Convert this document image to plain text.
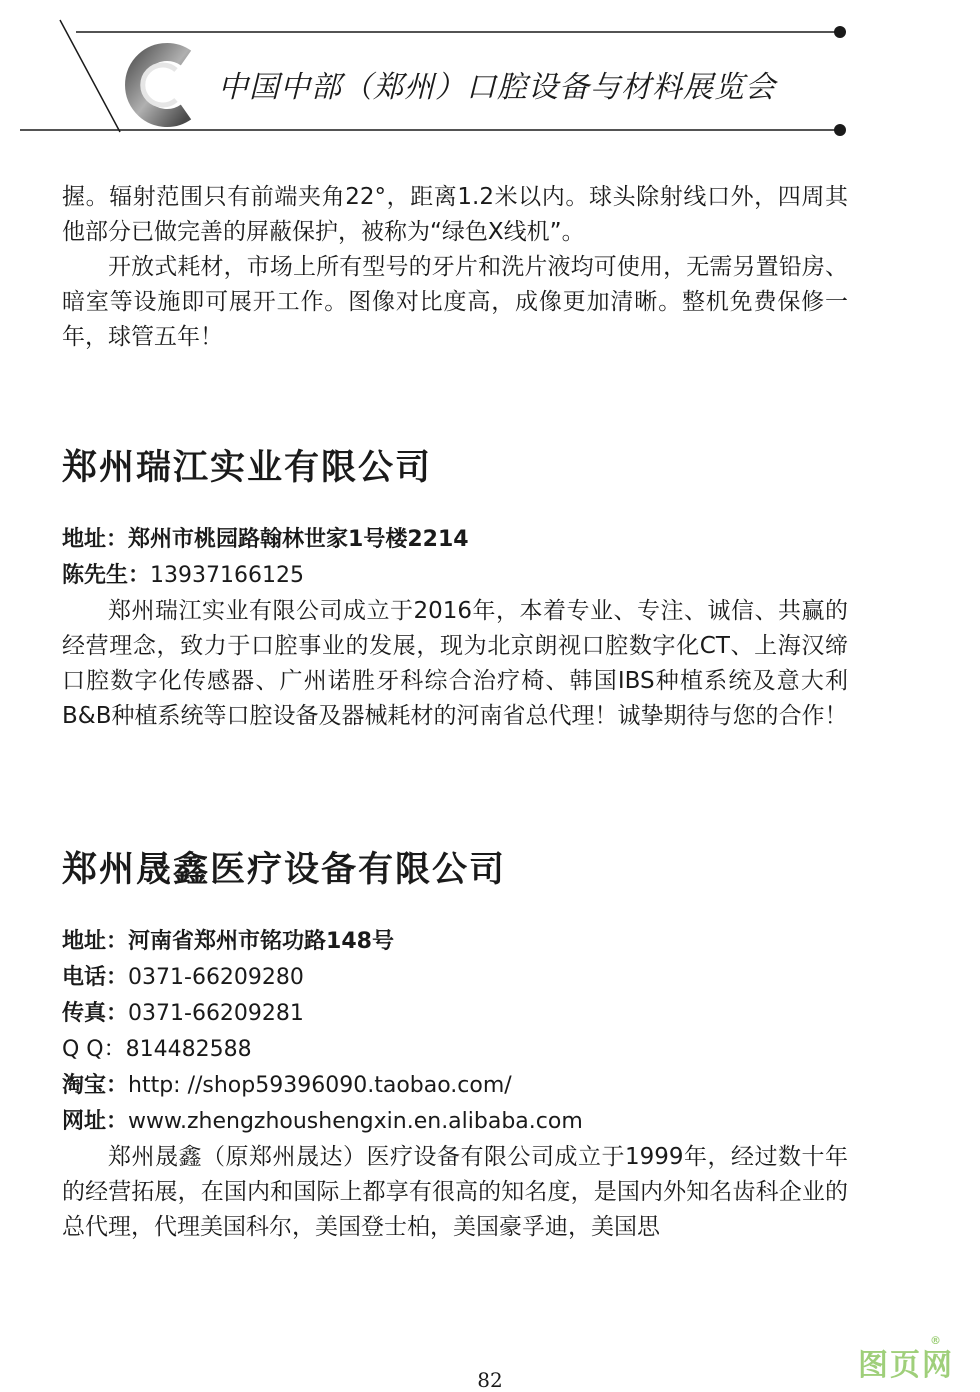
中国中部（郑州）口腔设备与材料展览会

握。辐射范围只有前端夹角22°，距离1.2米以内。球头除射线口外，四周其他部分已做完善的屏蔽保护，被称为“绿色X线机”。

开放式耗材，市场上所有型号的牙片和洗片液均可使用，无需另置铅房、暗室等设施即可展开工作。图像对比度高，成像更加清晰。整机免费保修一年，球管五年！

郑州瑞江实业有限公司
地址：郑州市桃园路翰林世家1号楼2214
陈先生：13937166125

郑州瑞江实业有限公司成立于2016年，本着专业、专注、诚信、共赢的经营理念，致力于口腔事业的发展，现为北京朗视口腔数字化CT、上海汉缔口腔数字化传感器、广州诺胜牙科综合治疗椅、韩国IBS种植系统及意大利B&B种植系统等口腔设备及器械耗材的河南省总代理！诚挚期待与您的合作！

郑州晟鑫医疗设备有限公司
地址：河南省郑州市铭功路148号
电话：0371-66209280
传真：0371-66209281
Q Q：814482588
淘宝：http: //shop59396090.taobao.com/
网址：www.zhengzhoushengxin.en.alibaba.com

郑州晟鑫（原郑州晟达）医疗设备有限公司成立于1999年，经过数十年的经营拓展，在国内和国际上都享有很高的知名度，是国内外知名齿科企业的总代理，代理美国科尔，美国登士柏，美国豪孚迪，美国思

82	图页网
®
